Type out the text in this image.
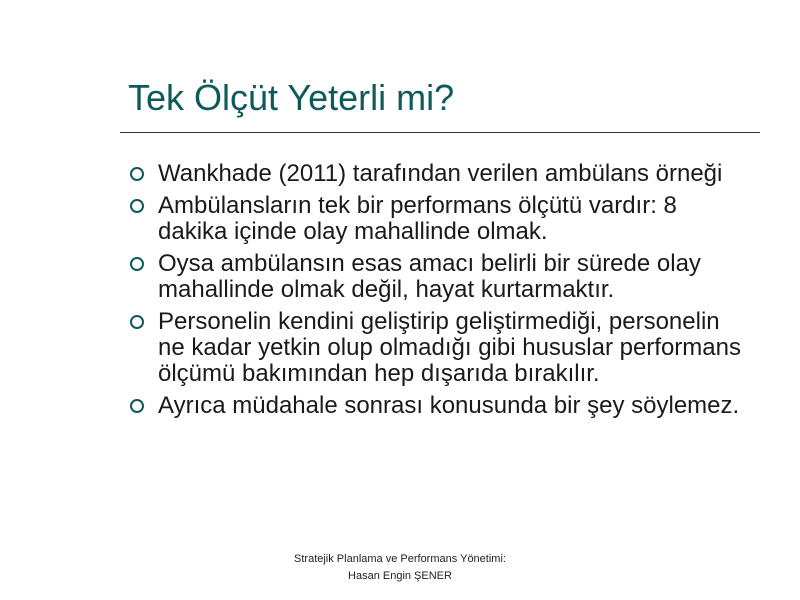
Tek Ölçüt Yeterli mi?
Wankhade (2011) tarafından verilen ambülans örneği
Ambülansların tek bir performans ölçütü vardır: 8 dakika içinde olay mahallinde olmak.
Oysa ambülansın esas amacı belirli bir sürede olay mahallinde olmak değil, hayat kurtarmaktır.
Personelin kendini geliştirip geliştirmediği, personelin ne kadar yetkin olup olmadığı gibi hususlar performans ölçümü bakımından hep dışarıda bırakılır.
Ayrıca müdahale sonrası konusunda bir şey söylemez.
Stratejik Planlama ve Performans Yönetimi:
Hasan Engin ŞENER
